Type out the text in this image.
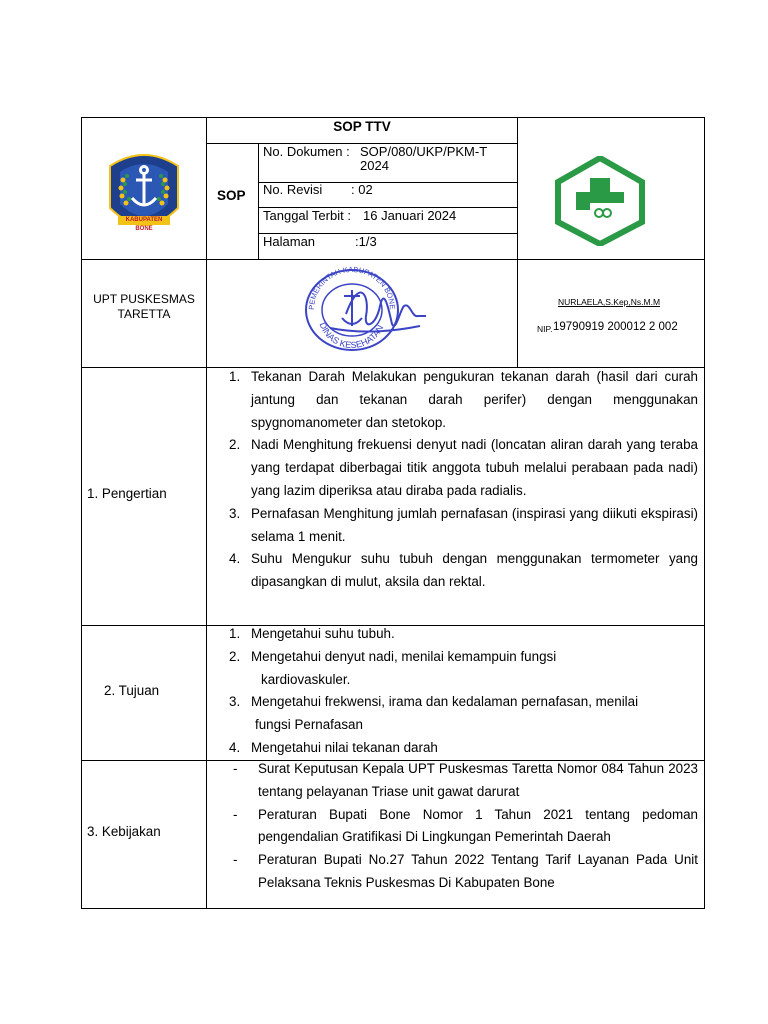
KABUPATEN BONE
SOP TTV
SOP
No. Dokumen : SOP/080/UKP/PKM-T
2024
No. Revisi : 02
Tanggal Terbit : 16 Januari 2024
Halaman	:1/3
UPT PUSKESMAS
TARETTA	PEMERINTAH KABUPATEN BONE
DINAS KESEHATAN
NURLAELA,S.Kep,Ns.M.M
NIP. 19790919 200012 2 002
1. Pengertian
1. Tekanan Darah Melakukan pengukuran tekanan darah (hasil dari curah jantung dan tekanan darah perifer) dengan menggunakan spygnomanometer dan stetokop.
2. Nadi Menghitung frekuensi denyut nadi (loncatan aliran darah yang teraba yang terdapat diberbagai titik anggota tubuh melalui perabaan pada nadi) yang lazim diperiksa atau diraba pada radialis.
3. Pernafasan Menghitung jumlah pernafasan (inspirasi yang diikuti ekspirasi) selama 1 menit.
4. Suhu Mengukur suhu tubuh dengan menggunakan termometer yang dipasangkan di mulut, aksila dan rektal.
2. Tujuan
1. Mengetahui suhu tubuh.
2. Mengetahui denyut nadi, menilai kemampuin fungsi
kardiovaskuler.
3. Mengetahui frekwensi, irama dan kedalaman pernafasan, menilai
fungsi Pernafasan
4. Mengetahui nilai tekanan darah
3. Kebijakan
- Surat Keputusan Kepala UPT Puskesmas Taretta Nomor 084 Tahun 2023 tentang pelayanan Triase unit gawat darurat
- Peraturan Bupati Bone Nomor 1 Tahun 2021 tentang pedoman pengendalian Gratifikasi Di Lingkungan Pemerintah Daerah
- Peraturan Bupati No.27 Tahun 2022 Tentang Tarif Layanan Pada Unit Pelaksana Teknis Puskesmas Di Kabupaten Bone
